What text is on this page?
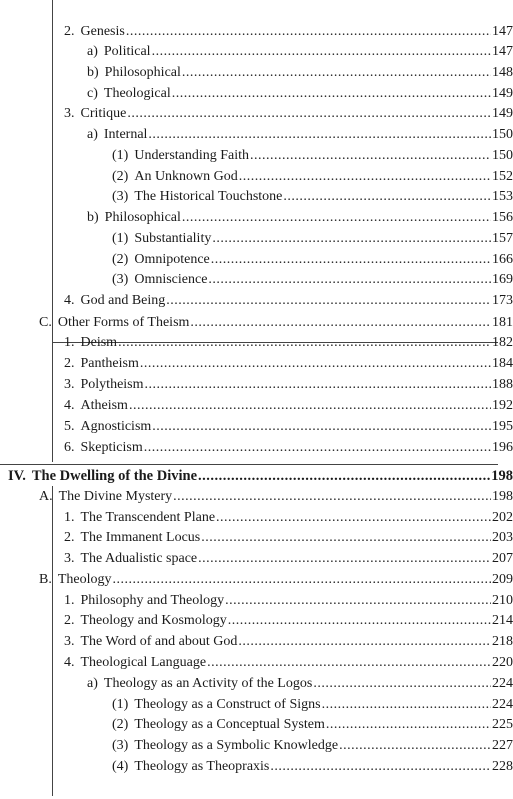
2. Genesis .....	147
a) Political .....	147
b) Philosophical .....	148
c) Theological .....	149
3. Critique .....	149
a) Internal .....	150
(1) Understanding Faith .....	150
(2) An Unknown God .....	152
(3) The Historical Touchstone .....	153
b) Philosophical .....	156
(1) Substantiality .....	157
(2) Omnipotence .....	166
(3) Omniscience .....	169
4. God and Being .....	173
C. Other Forms of Theism .....	181
1. Deism .....	182
2. Pantheism .....	184
3. Polytheism .....	188
4. Atheism .....	192
5. Agnosticism .....	195
6. Skepticism .....	196
IV. The Dwelling of the Divine .....	198
A. The Divine Mystery .....	198
1. The Transcendent Plane .....	202
2. The Immanent Locus .....	203
3. The Adualistic space .....	207
B. Theology .....	209
1. Philosophy and Theology .....	210
2. Theology and Kosmology .....	214
3. The Word of and about God .....	218
4. Theological Language .....	220
a) Theology as an Activity of the Logos .....	224
(1) Theology as a Construct of Signs .....	224
(2) Theology as a Conceptual System .....	225
(3) Theology as a Symbolic Knowledge .....	227
(4) Theology as Theopraxis .....	228
